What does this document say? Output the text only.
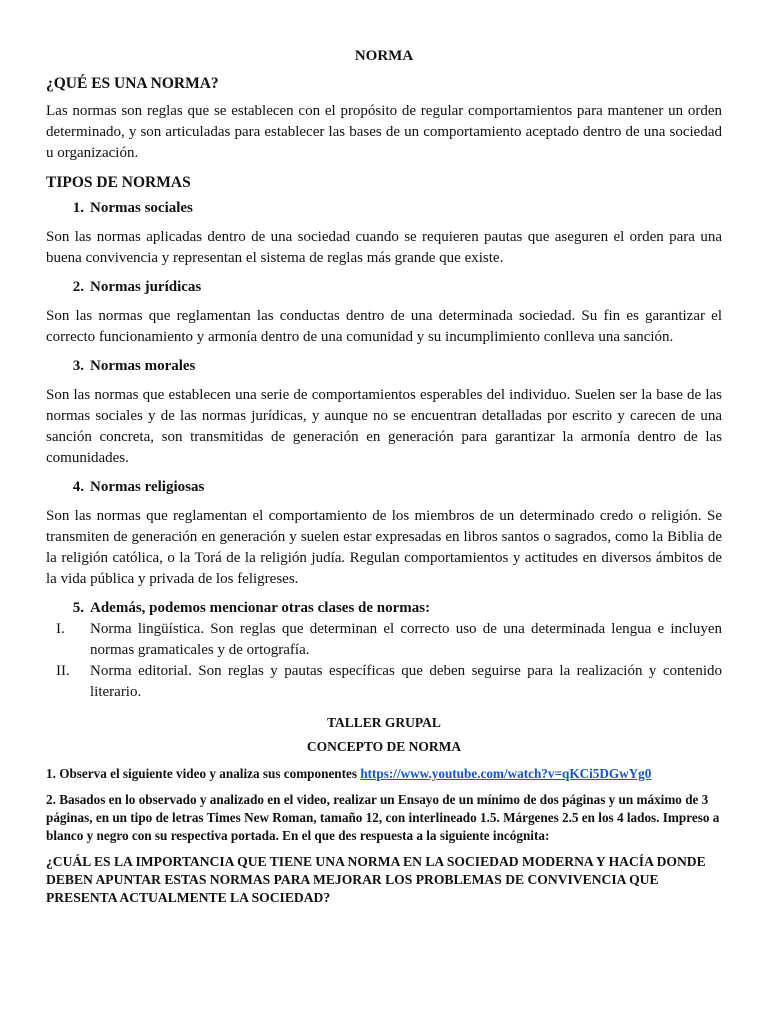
NORMA
¿QUÉ ES UNA NORMA?

Las normas son reglas que se establecen con el propósito de regular comportamientos para mantener un orden determinado, y son articuladas para establecer las bases de un comportamiento aceptado dentro de una sociedad u organización.

TIPOS DE NORMAS
1. Normas sociales

Son las normas aplicadas dentro de una sociedad cuando se requieren pautas que aseguren el orden para una buena convivencia y representan el sistema de reglas más grande que existe.

2. Normas jurídicas

Son las normas que reglamentan las conductas dentro de una determinada sociedad. Su fin es garantizar el correcto funcionamiento y armonía dentro de una comunidad y su incumplimiento conlleva una sanción.

3. Normas morales

Son las normas que establecen una serie de comportamientos esperables del individuo. Suelen ser la base de las normas sociales y de las normas jurídicas, y aunque no se encuentran detalladas por escrito y carecen de una sanción concreta, son transmitidas de generación en generación para garantizar la armonía dentro de las comunidades.

4. Normas religiosas

Son las normas que reglamentan el comportamiento de los miembros de un determinado credo o religión. Se transmiten de generación en generación y suelen estar expresadas en libros santos o sagrados, como la Biblia de la religión católica, o la Torá de la religión judía. Regulan comportamientos y actitudes en diversos ámbitos de la vida pública y privada de los feligreses.

5. Además, podemos mencionar otras clases de normas:
I.	Norma lingüística. Son reglas que determinan el correcto uso de una determinada lengua e incluyen normas gramaticales y de ortografía.
II.	Norma editorial. Son reglas y pautas específicas que deben seguirse para la realización y contenido literario.
TALLER GRUPAL
CONCEPTO DE NORMA

1. Observa el siguiente video y analiza sus componentes https://www.youtube.com/watch?v=qKCi5DGwYg0

2. Basados en lo observado y analizado en el video, realizar un Ensayo de un mínimo de dos páginas y un máximo de 3 páginas, en un tipo de letras Times New Roman, tamaño 12, con interlineado 1.5. Márgenes 2.5 en los 4 lados. Impreso a blanco y negro con su respectiva portada. En el que des respuesta a la siguiente incógnita:

¿CUÁL ES LA IMPORTANCIA QUE TIENE UNA NORMA EN LA SOCIEDAD MODERNA Y HACÍA DONDE DEBEN APUNTAR ESTAS NORMAS PARA MEJORAR LOS PROBLEMAS DE CONVIVENCIA QUE PRESENTA ACTUALMENTE LA SOCIEDAD?
